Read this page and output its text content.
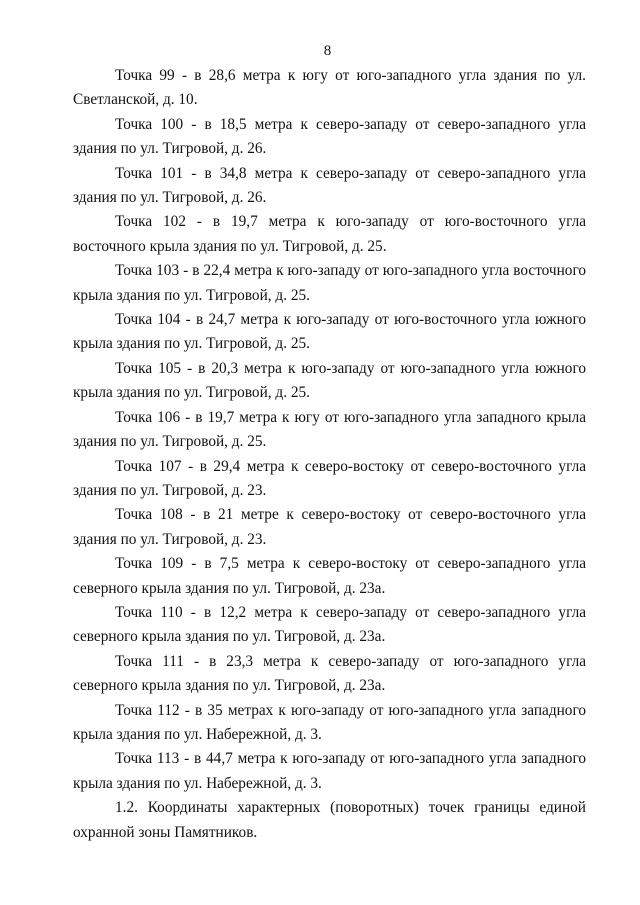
8

Точка 99 - в 28,6 метра к югу от юго-западного угла здания по ул. Светланской, д. 10.

Точка 100 - в 18,5 метра к северо-западу от северо-западного угла здания по ул. Тигровой, д. 26.

Точка 101 - в 34,8 метра к северо-западу от северо-западного угла здания по ул. Тигровой, д. 26.

Точка 102 - в 19,7 метра к юго-западу от юго-восточного угла восточного крыла здания по ул. Тигровой, д. 25.

Точка 103 - в 22,4 метра к юго-западу от юго-западного угла восточного крыла здания по ул. Тигровой, д. 25.

Точка 104 - в 24,7 метра к юго-западу от юго-восточного угла южного крыла здания по ул. Тигровой, д. 25.

Точка 105 - в 20,3 метра к юго-западу от юго-западного угла южного крыла здания по ул. Тигровой, д. 25.

Точка 106 - в 19,7 метра к югу от юго-западного угла западного крыла здания по ул. Тигровой, д. 25.

Точка 107 - в 29,4 метра к северо-востоку от северо-восточного угла здания по ул. Тигровой, д. 23.

Точка 108 - в 21 метре к северо-востоку от северо-восточного угла здания по ул. Тигровой, д. 23.

Точка 109 - в 7,5 метра к северо-востоку от северо-западного угла северного крыла здания по ул. Тигровой, д. 23а.

Точка 110 - в 12,2 метра к северо-западу от северо-западного угла северного крыла здания по ул. Тигровой, д. 23а.

Точка 111 - в 23,3 метра к северо-западу от юго-западного угла северного крыла здания по ул. Тигровой, д. 23а.

Точка 112 - в 35 метрах к юго-западу от юго-западного угла западного крыла здания по ул. Набережной, д. 3.

Точка 113 - в 44,7 метра к юго-западу от юго-западного угла западного крыла здания по ул. Набережной, д. 3.

1.2. Координаты характерных (поворотных) точек границы единой охранной зоны Памятников.
